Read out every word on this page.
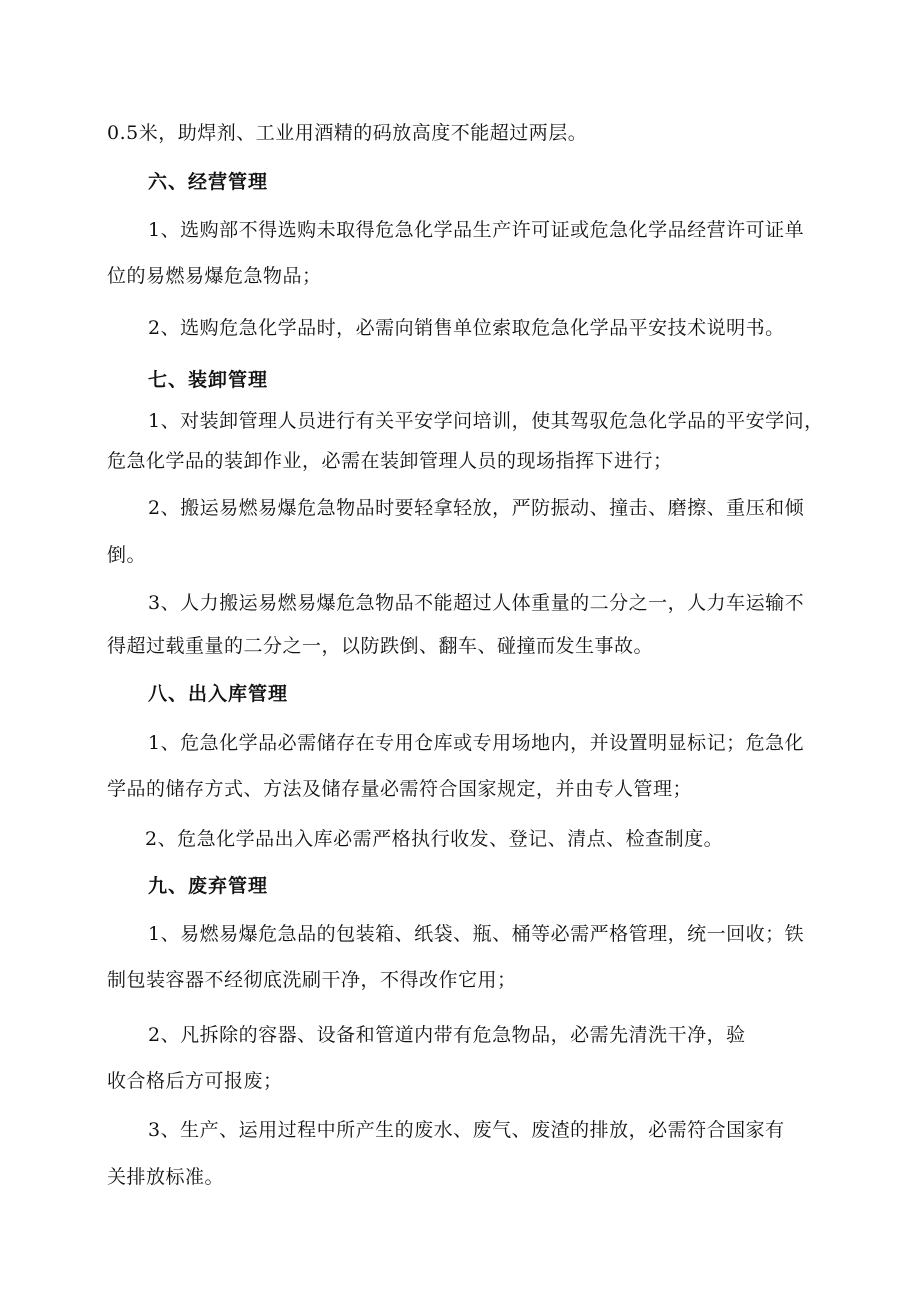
0.5米，助焊剂、工业用酒精的码放高度不能超过两层。
六、经营管理
1、选购部不得选购未取得危急化学品生产许可证或危急化学品经营许可证单
位的易燃易爆危急物品；
2、选购危急化学品时，必需向销售单位索取危急化学品平安技术说明书。
七、装卸管理
1、对装卸管理人员进行有关平安学问培训，使其驾驭危急化学品的平安学问，
危急化学品的装卸作业，必需在装卸管理人员的现场指挥下进行；
2、搬运易燃易爆危急物品时要轻拿轻放，严防振动、撞击、磨擦、重压和倾
倒。
3、人力搬运易燃易爆危急物品不能超过人体重量的二分之一，人力车运输不
得超过载重量的二分之一，以防跌倒、翻车、碰撞而发生事故。
八、出入库管理
1、危急化学品必需储存在专用仓库或专用场地内，并设置明显标记；危急化
学品的储存方式、方法及储存量必需符合国家规定，并由专人管理；
2、危急化学品出入库必需严格执行收发、登记、清点、检查制度。
九、废弃管理
1、易燃易爆危急品的包装箱、纸袋、瓶、桶等必需严格管理，统一回收；铁
制包装容器不经彻底洗刷干净，不得改作它用；
2、凡拆除的容器、设备和管道内带有危急物品，必需先清洗干净，验
收合格后方可报废；
3、生产、运用过程中所产生的废水、废气、废渣的排放，必需符合国家有
关排放标准。
